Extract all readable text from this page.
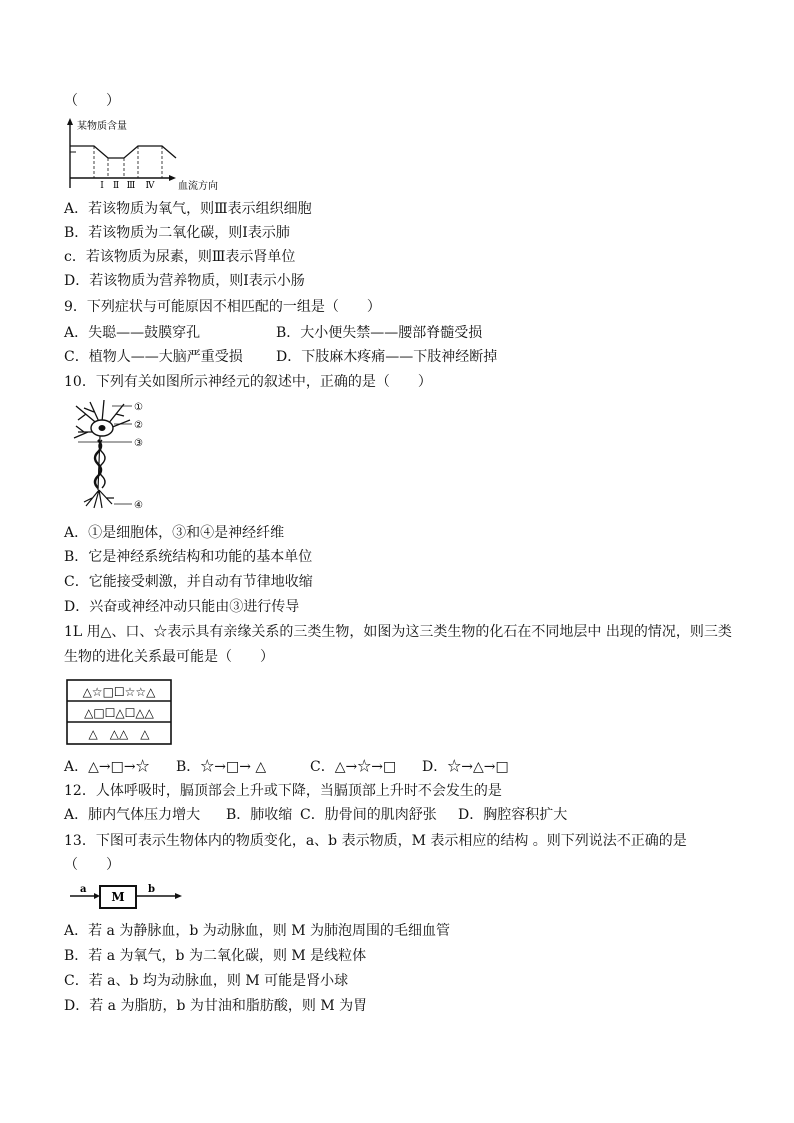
（　　）
某物质含量
Ⅰ Ⅱ Ⅲ Ⅳ 血流方向
A．若该物质为氧气，则Ⅲ表示组织细胞
B．若该物质为二氧化碳，则Ⅰ表示肺
c．若该物质为尿素，则Ⅲ表示肾单位
D．若该物质为营养物质，则Ⅰ表示小肠
9．下列症状与可能原因不相匹配的一组是（　　）
A．失聪——鼓膜穿孔	B．大小便失禁——腰部脊髓受损
C．植物人——大脑严重受损 D．下肢麻木疼痛——下肢神经断掉
10．下列有关如图所示神经元的叙述中，正确的是（　　）
①
②
③
④
A．①是细胞体，③和④是神经纤维
B．它是神经系统结构和功能的基本单位
C．它能接受刺激，并自动有节律地收缩
D．兴奋或神经冲动只能由③进行传导
1L 用△、口、☆表示具有亲缘关系的三类生物，如图为这三类生物的化石在不同地层中 出现的情况，则三类
生物的进化关系最可能是（　　）
△☆□☐☆☆△
△□☐△☐△△
△　△△　△
A．△→□→☆ B．☆→□→ △	C．△→☆→□ D．☆→△→□
12．人体呼吸时，膈顶部会上升或下降，当膈顶部上升时不会发生的是
A．肺内气体压力增大 B．肺收缩 C．肋骨间的肌肉舒张 D．胸腔容积扩大
13．下图可表示生物体内的物质变化，a、b 表示物质，M 表示相应的结构 。则下列说法不正确的是
（　　）
a
M
b
A．若 a 为静脉血，b 为动脉血，则 M 为肺泡周围的毛细血管
B．若 a 为氧气，b 为二氧化碳，则 M 是线粒体
C．若 a、b 均为动脉血，则 M 可能是肾小球
D．若 a 为脂肪，b 为甘油和脂肪酸，则 M 为胃
